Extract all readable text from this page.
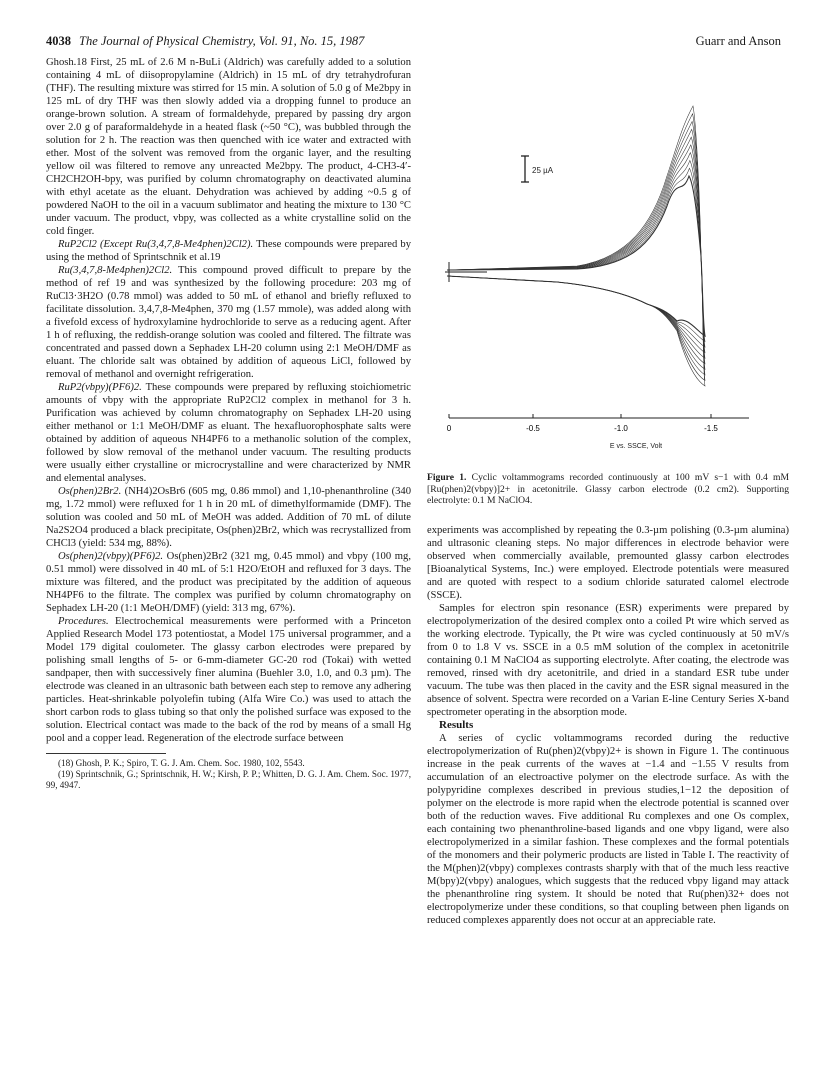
4038 The Journal of Physical Chemistry, Vol. 91, No. 15, 1987	Guarr and Anson

Ghosh.18 First, 25 mL of 2.6 M n-BuLi (Aldrich) was carefully added to a solution containing 4 mL of diisopropylamine (Aldrich) in 15 mL of dry tetrahydrofuran (THF). The resulting mixture was stirred for 15 min. A solution of 5.0 g of Me2bpy in 125 mL of dry THF was then slowly added via a dropping funnel to produce an orange-brown solution. A stream of formaldehyde, prepared by passing dry argon over 2.0 g of paraformaldehyde in a heated flask (~50 °C), was bubbled through the solution for 2 h. The reaction was then quenched with ice water and extracted with ether. Most of the solvent was removed from the organic layer, and the resulting yellow oil was filtered to remove any unreacted Me2bpy. The product, 4-CH3-4′-CH2CH2OH-bpy, was purified by column chromatography on deactivated alumina with ethyl acetate as the eluant. Dehydration was achieved by adding ~0.5 g of powdered NaOH to the oil in a vacuum sublimator and heating the mixture to 130 °C under vacuum. The product, vbpy, was collected as a white crystalline solid on the cold finger.

RuP2Cl2 (Except Ru(3,4,7,8-Me4phen)2Cl2). These compounds were prepared by using the method of Sprintschnik et al.19

Ru(3,4,7,8-Me4phen)2Cl2. This compound proved difficult to prepare by the method of ref 19 and was synthesized by the following procedure: 203 mg of RuCl3·3H2O (0.78 mmol) was added to 50 mL of ethanol and briefly refluxed to facilitate dissolution. 3,4,7,8-Me4phen, 370 mg (1.57 mmole), was added along with a fivefold excess of hydroxylamine hydrochloride to serve as a reducing agent. After 1 h of refluxing, the reddish-orange solution was cooled and filtered. The filtrate was concentrated and passed down a Sephadex LH-20 column using 2:1 MeOH/DMF as eluant. The chloride salt was obtained by addition of aqueous LiCl, followed by removal of methanol and overnight refrigeration.

RuP2(vbpy)(PF6)2. These compounds were prepared by refluxing stoichiometric amounts of vbpy with the appropriate RuP2Cl2 complex in methanol for 3 h. Purification was achieved by column chromatography on Sephadex LH-20 using either methanol or 1:1 MeOH/DMF as eluant. The hexafluorophosphate salts were obtained by addition of aqueous NH4PF6 to a methanolic solution of the complex, followed by slow removal of the methanol under vacuum. The resulting products were usually either crystalline or microcrystalline and were characterized by NMR and elemental analyses.

Os(phen)2Br2. (NH4)2OsBr6 (605 mg, 0.86 mmol) and 1,10-phenanthroline (340 mg, 1.72 mmol) were refluxed for 1 h in 20 mL of dimethylformamide (DMF). The solution was cooled and 50 mL of MeOH was added. Addition of 70 mL of dilute Na2S2O4 produced a black precipitate, Os(phen)2Br2, which was recrystallized from CHCl3 (yield: 534 mg, 88%).

Os(phen)2(vbpy)(PF6)2. Os(phen)2Br2 (321 mg, 0.45 mmol) and vbpy (100 mg, 0.51 mmol) were dissolved in 40 mL of 5:1 H2O/EtOH and refluxed for 3 days. The mixture was filtered, and the product was precipitated by the addition of aqueous NH4PF6 to the filtrate. The complex was purified by column chromatography on Sephadex LH-20 (1:1 MeOH/DMF) (yield: 313 mg, 67%).

Procedures. Electrochemical measurements were performed with a Princeton Applied Research Model 173 potentiostat, a Model 175 universal programmer, and a Model 179 digital coulometer. The glassy carbon electrodes were prepared by polishing small lengths of 5- or 6-mm-diameter GC-20 rod (Tokai) with wetted sandpaper, then with successively finer alumina (Buehler 3.0, 1.0, and 0.3 µm). The electrode was cleaned in an ultrasonic bath between each step to remove any adhering particles. Heat-shrinkable polyolefin tubing (Alfa Wire Co.) was used to attach the short carbon rods to glass tubing so that only the polished surface was exposed to the solution. Electrical contact was made to the back of the rod by means of a small Hg pool and a copper lead. Regeneration of the electrode surface between

(18) Ghosh, P. K.; Spiro, T. G. J. Am. Chem. Soc. 1980, 102, 5543.

(19) Sprintschnik, G.; Sprintschnik, H. W.; Kirsh, P. P.; Whitten, D. G. J. Am. Chem. Soc. 1977, 99, 4947.

25 µA
0	-0.5	-1.0	-1.5
E vs. SSCE, Volt
Figure 1. Cyclic voltammograms recorded continuously at 100 mV s−1 with 0.4 mM [Ru(phen)2(vbpy)]2+ in acetonitrile. Glassy carbon electrode (0.2 cm2). Supporting electrolyte: 0.1 M NaClO4.

experiments was accomplished by repeating the 0.3-µm polishing (0.3-µm alumina) and ultrasonic cleaning steps. No major differences in electrode behavior were observed when commercially available, premounted glassy carbon electrodes [Bioanalytical Systems, Inc.) were employed. Electrode potentials were measured and are quoted with respect to a sodium chloride saturated calomel electrode (SSCE).

Samples for electron spin resonance (ESR) experiments were prepared by electropolymerization of the desired complex onto a coiled Pt wire which served as the working electrode. Typically, the Pt wire was cycled continuously at 50 mV/s from 0 to 1.8 V vs. SSCE in a 0.5 mM solution of the complex in acetonitrile containing 0.1 M NaClO4 as supporting electrolyte. After coating, the electrode was removed, rinsed with dry acetonitrile, and dried in a standard ESR tube under vacuum. The tube was then placed in the cavity and the ESR signal measured in the absence of solvent. Spectra were recorded on a Varian E-line Century Series X-band spectrometer operating in the absorption mode.

Results

A series of cyclic voltammograms recorded during the reductive electropolymerization of Ru(phen)2(vbpy)2+ is shown in Figure 1. The continuous increase in the peak currents of the waves at −1.4 and −1.55 V results from accumulation of an electroactive polymer on the electrode surface. As with the polypyridine complexes described in previous studies,1−12 the deposition of polymer on the electrode is more rapid when the electrode potential is scanned over both of the reduction waves. Five additional Ru complexes and one Os complex, each containing two phenanthroline-based ligands and one vbpy ligand, were also electropolymerized in a similar fashion. These complexes and the formal potentials of the monomers and their polymeric products are listed in Table I. The reactivity of the M(phen)2(vbpy) complexes contrasts sharply with that of the much less reactive M(bpy)2(vbpy) analogues, which suggests that the reduced vbpy ligand may attack the phenanthroline ring system. It should be noted that Ru(phen)32+ does not electropolymerize under these conditions, so that coupling between phen ligands on reduced complexes apparently does not occur at an appreciable rate.
